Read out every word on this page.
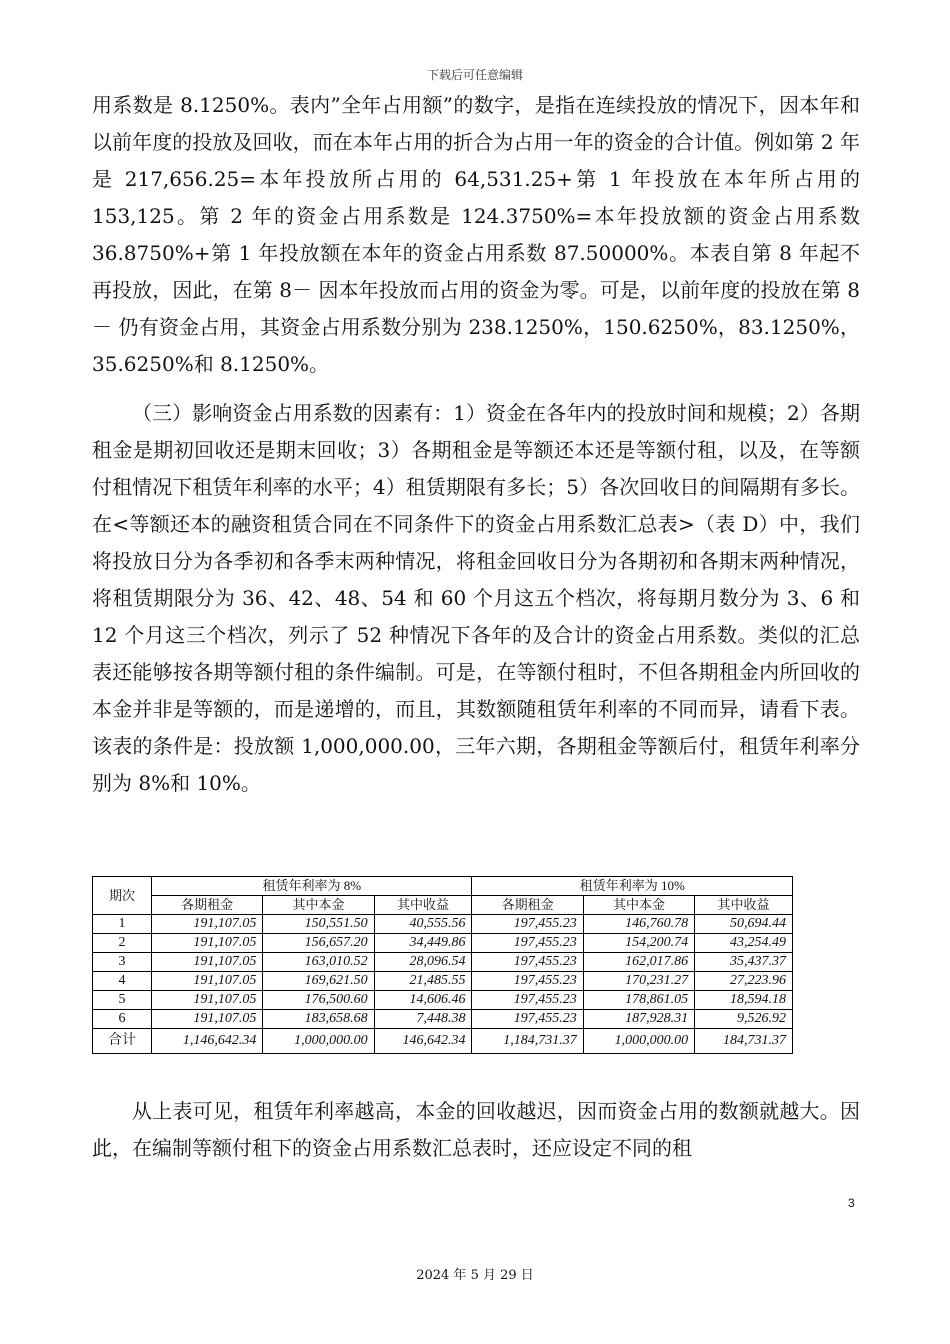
下载后可任意编辑

用系数是 8.1250%。表内”全年占用额”的数字，是指在连续投放的情况下，因本年和以前年度的投放及回收，而在本年占用的折合为占用一年的资金的合计值。例如第 2 年是 217,656.25=本年投放所占用的 64,531.25+第 1 年投放在本年所占用的 153,125。第 2 年的资金占用系数是 124.3750%=本年投放额的资金占用系数 36.8750%+第 1 年投放额在本年的资金占用系数 87.50000%。本表自第 8 年起不再投放，因此，在第 8－ 因本年投放而占用的资金为零。可是，以前年度的投放在第 8－ 仍有资金占用，其资金占用系数分别为 238.1250%，150.6250%，83.1250%，35.6250%和 8.1250%。

（三）影响资金占用系数的因素有：1）资金在各年内的投放时间和规模；2）各期租金是期初回收还是期末回收；3）各期租金是等额还本还是等额付租，以及，在等额付租情况下租赁年利率的水平；4）租赁期限有多长；5）各次回收日的间隔期有多长。在<等额还本的融资租赁合同在不同条件下的资金占用系数汇总表>（表 D）中，我们将投放日分为各季初和各季末两种情况，将租金回收日分为各期初和各期末两种情况，将租赁期限分为 36、42、48、54 和 60 个月这五个档次，将每期月数分为 3、6 和 12 个月这三个档次，列示了 52 种情况下各年的及合计的资金占用系数。类似的汇总表还能够按各期等额付租的条件编制。可是，在等额付租时，不但各期租金内所回收的本金并非是等额的，而是递增的，而且，其数额随租赁年利率的不同而异，请看下表。该表的条件是：投放额 1,000,000.00，三年六期，各期租金等额后付，租赁年利率分别为 8%和 10%。

期次	租赁年利率为 8%			租赁年利率为 10%		
	各期租金	其中本金	其中收益	各期租金	其中本金	其中收益
1	191,107.05	150,551.50	40,555.56	197,455.23	146,760.78	50,694.44
2	191,107.05	156,657.20	34,449.86	197,455.23	154,200.74	43,254.49
3	191,107.05	163,010.52	28,096.54	197,455.23	162,017.86	35,437.37
4	191,107.05	169,621.50	21,485.55	197,455.23	170,231.27	27,223.96
5	191,107.05	176,500.60	14,606.46	197,455.23	178,861.05	18,594.18
6	191,107.05	183,658.68	7,448.38	197,455.23	187,928.31	9,526.92
合计	1,146,642.34	1,000,000.00	146,642.34	1,184,731.37	1,000,000.00	184,731.37

从上表可见，租赁年利率越高，本金的回收越迟，因而资金占用的数额就越大。因此，在编制等额付租下的资金占用系数汇总表时，还应设定不同的租

3
2024 年 5 月 29 日
